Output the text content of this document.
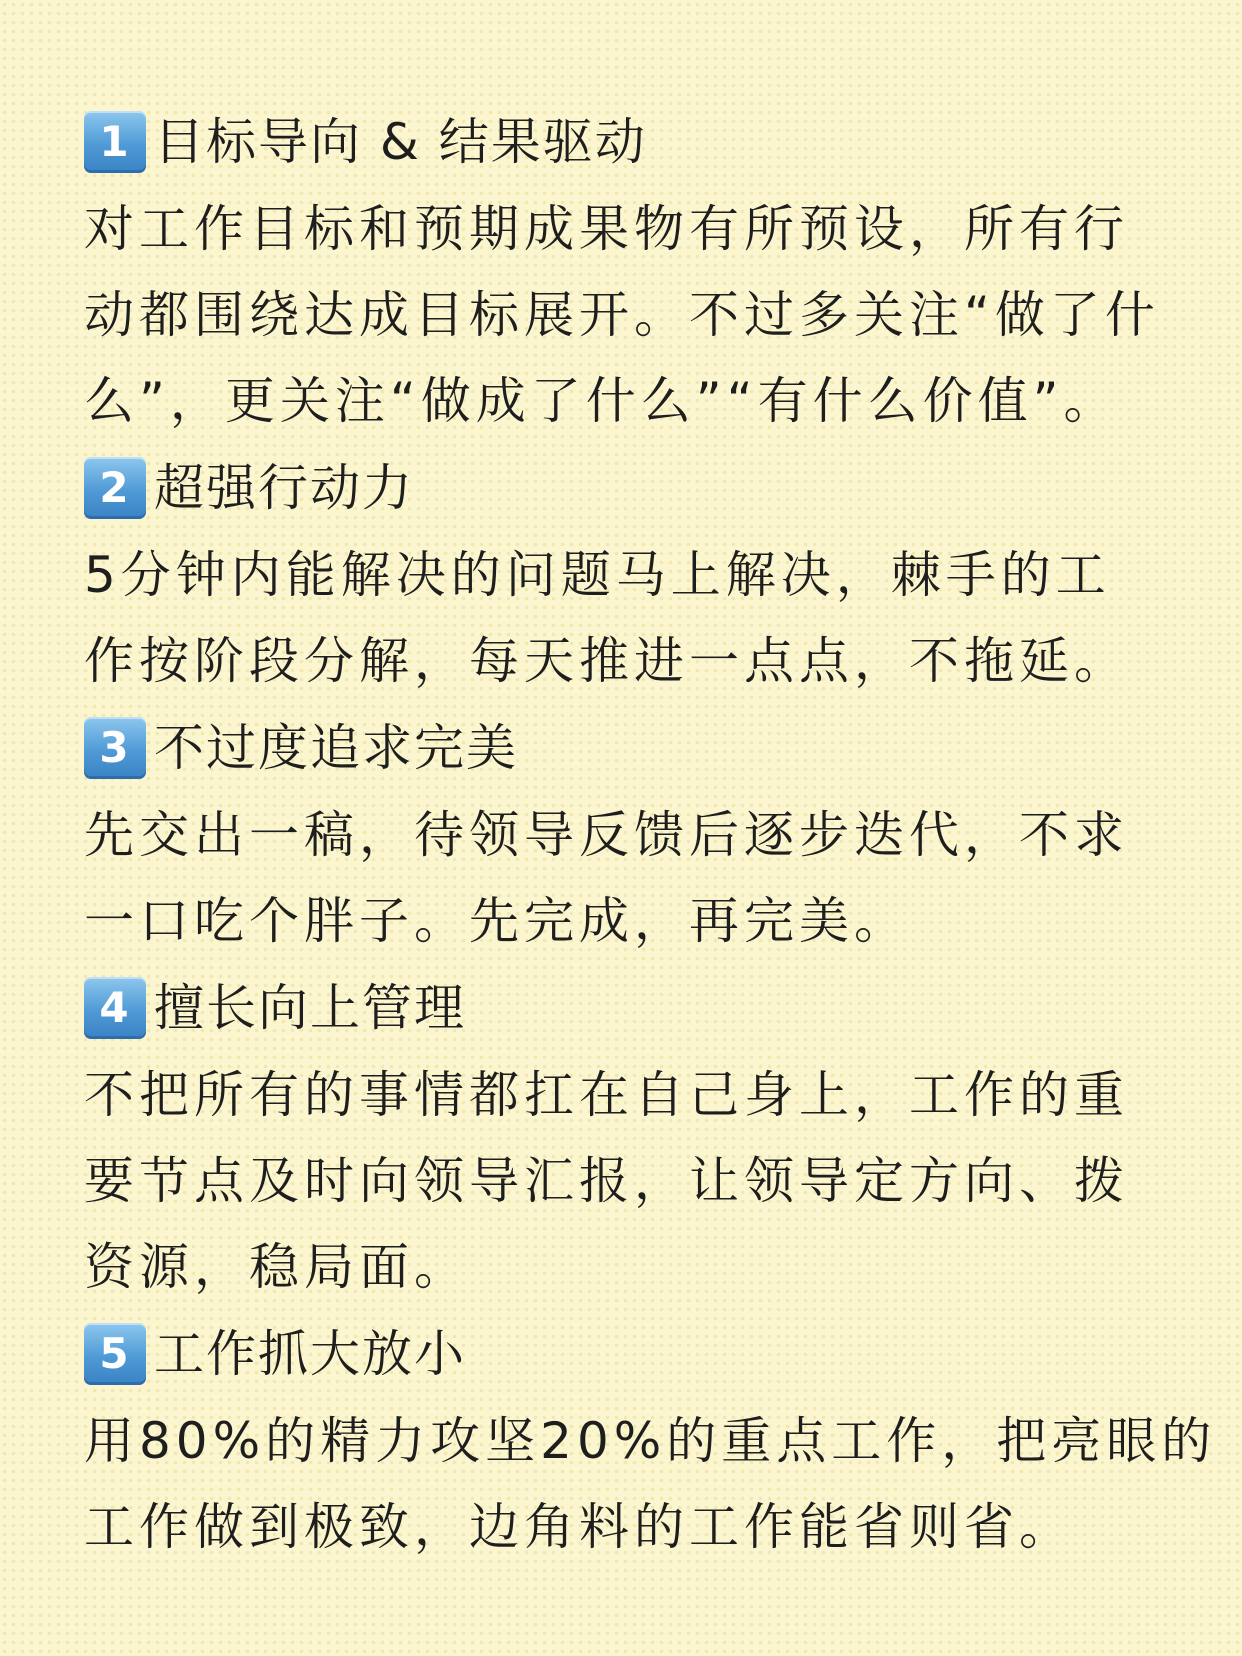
1 目标导向 & 结果驱动
对工作目标和预期成果物有所预设，所有行
动都围绕达成目标展开。不过多关注“做了什
么”，更关注“做成了什么”“有什么价值”。
2 超强行动力
5分钟内能解决的问题马上解决，棘手的工
作按阶段分解，每天推进一点点，不拖延。
3 不过度追求完美
先交出一稿，待领导反馈后逐步迭代，不求
一口吃个胖子。先完成，再完美。
4 擅长向上管理
不把所有的事情都扛在自己身上，工作的重
要节点及时向领导汇报，让领导定方向、拨
资源，稳局面。
5 工作抓大放小
用80%的精力攻坚20%的重点工作，把亮眼的
工作做到极致，边角料的工作能省则省。
